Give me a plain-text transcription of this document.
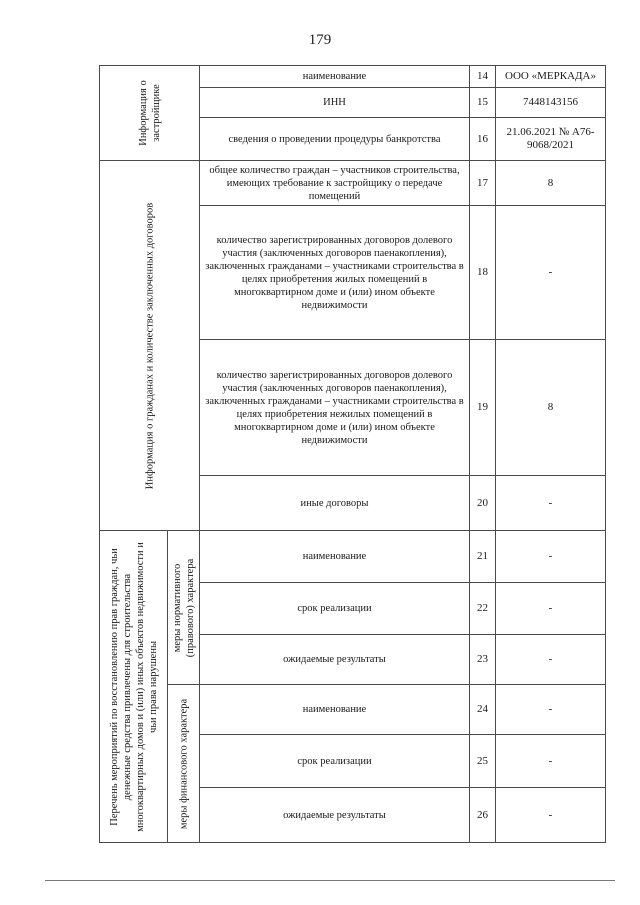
179
Информация о застройщике		наименование	14	ООО «МЕРКАДА»
		ИНН	15	7448143156
		сведения о проведении процедуры банкротства	16	21.06.2021 № А76-9068/2021

Информация о гражданах и количестве заключенных договоров		общее количество граждан – участников строительства, имеющих требование к застройщику о передаче помещений	17	8
		количество зарегистрированных договоров долевого участия (заключенных договоров паенакопления), заключенных гражданами – участниками строительства в целях приобретения жилых помещений в многоквартирном доме и (или) ином объекте недвижимости	18	-
		количество зарегистрированных договоров долевого участия (заключенных договоров паенакопления), заключенных гражданами – участниками строительства в целях приобретения нежилых помещений в многоквартирном доме и (или) ином объекте недвижимости	19	8
		иные договоры	20	-

Перечень мероприятий по восстановлению прав граждан, чьи денежные средства привлечены для строительства многоквартирных домов и (или) иных объектов недвижимости и чьи права нарушены	меры нормативного (правового) характера	наименование	21	-
		срок реализации	22	-
		ожидаемые результаты	23	-

	меры финансового характера	наименование	24	-
		срок реализации	25	-
		ожидаемые результаты	26	-
